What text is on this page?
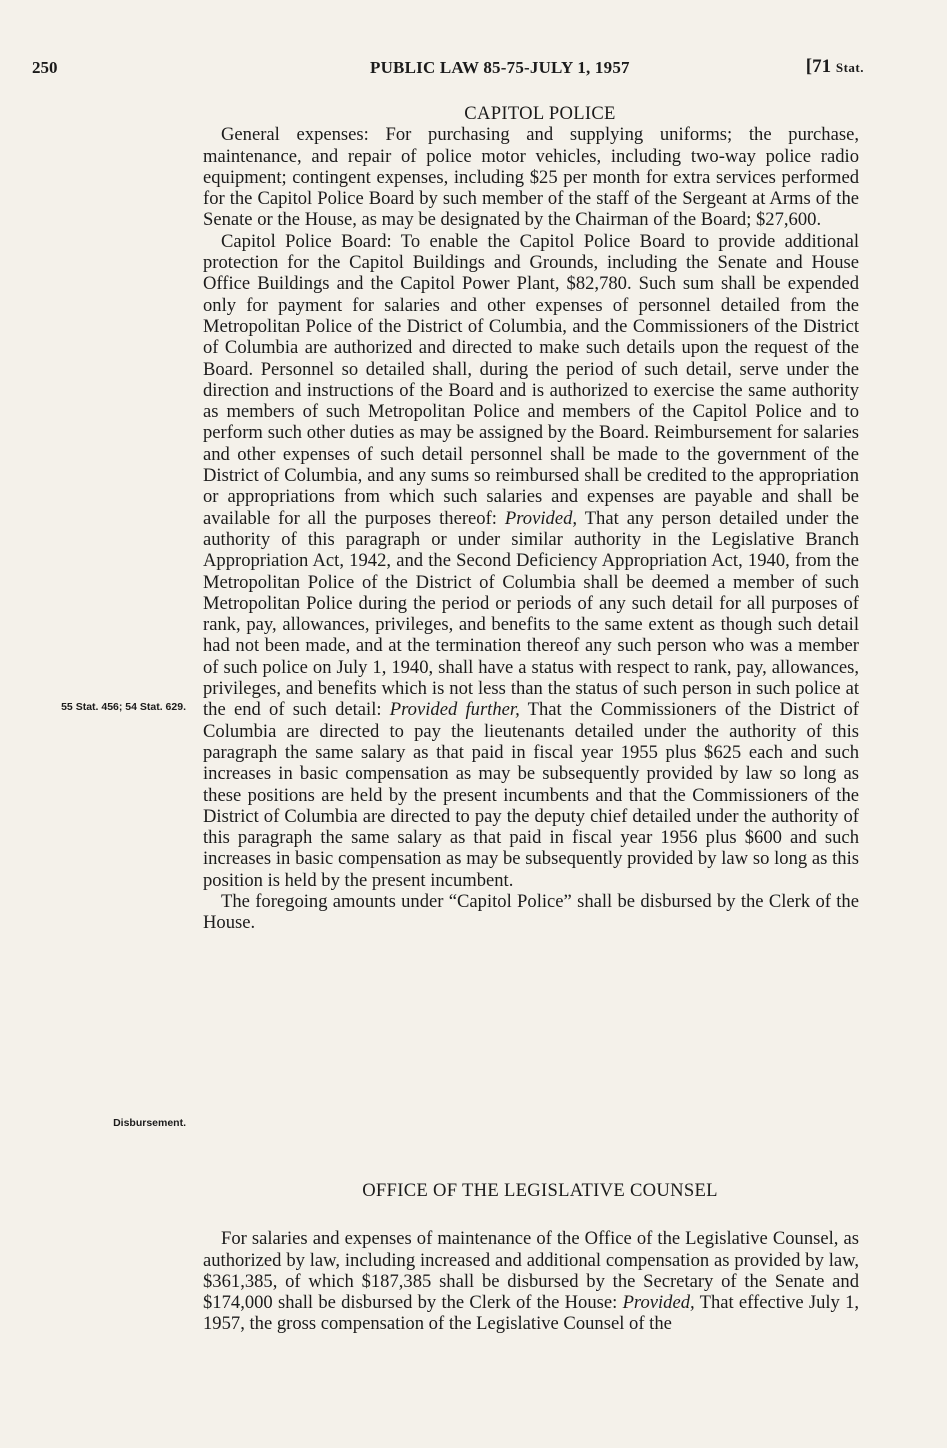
250	PUBLIC LAW 85-75-JULY 1, 1957	[71 Stat.
55 Stat. 456; 54 Stat. 629.
Disbursement.

CAPITOL POLICE

General expenses: For purchasing and supplying uniforms; the purchase, maintenance, and repair of police motor vehicles, including two-way police radio equipment; contingent expenses, including $25 per month for extra services performed for the Capitol Police Board by such member of the staff of the Sergeant at Arms of the Senate or the House, as may be designated by the Chairman of the Board; $27,600.

Capitol Police Board: To enable the Capitol Police Board to provide additional protection for the Capitol Buildings and Grounds, including the Senate and House Office Buildings and the Capitol Power Plant, $82,780. Such sum shall be expended only for payment for salaries and other expenses of personnel detailed from the Metropolitan Police of the District of Columbia, and the Commissioners of the District of Columbia are authorized and directed to make such details upon the request of the Board. Personnel so detailed shall, during the period of such detail, serve under the direction and instructions of the Board and is authorized to exercise the same authority as members of such Metropolitan Police and members of the Capitol Police and to perform such other duties as may be assigned by the Board. Reimbursement for salaries and other expenses of such detail personnel shall be made to the government of the District of Columbia, and any sums so reimbursed shall be credited to the appropriation or appropriations from which such salaries and expenses are payable and shall be available for all the purposes thereof: Provided, That any person detailed under the authority of this paragraph or under similar authority in the Legislative Branch Appropriation Act, 1942, and the Second Deficiency Appropriation Act, 1940, from the Metropolitan Police of the District of Columbia shall be deemed a member of such Metropolitan Police during the period or periods of any such detail for all purposes of rank, pay, allowances, privileges, and benefits to the same extent as though such detail had not been made, and at the termination thereof any such person who was a member of such police on July 1, 1940, shall have a status with respect to rank, pay, allowances, privileges, and benefits which is not less than the status of such person in such police at the end of such detail: Provided further, That the Commissioners of the District of Columbia are directed to pay the lieutenants detailed under the authority of this paragraph the same salary as that paid in fiscal year 1955 plus $625 each and such increases in basic compensation as may be subsequently provided by law so long as these positions are held by the present incumbents and that the Commissioners of the District of Columbia are directed to pay the deputy chief detailed under the authority of this paragraph the same salary as that paid in fiscal year 1956 plus $600 and such increases in basic compensation as may be subsequently provided by law so long as this position is held by the present incumbent.

The foregoing amounts under “Capitol Police” shall be disbursed by the Clerk of the House.

OFFICE OF THE LEGISLATIVE COUNSEL

For salaries and expenses of maintenance of the Office of the Legislative Counsel, as authorized by law, including increased and additional compensation as provided by law, $361,385, of which $187,385 shall be disbursed by the Secretary of the Senate and $174,000 shall be disbursed by the Clerk of the House: Provided, That effective July 1, 1957, the gross compensation of the Legislative Counsel of the
